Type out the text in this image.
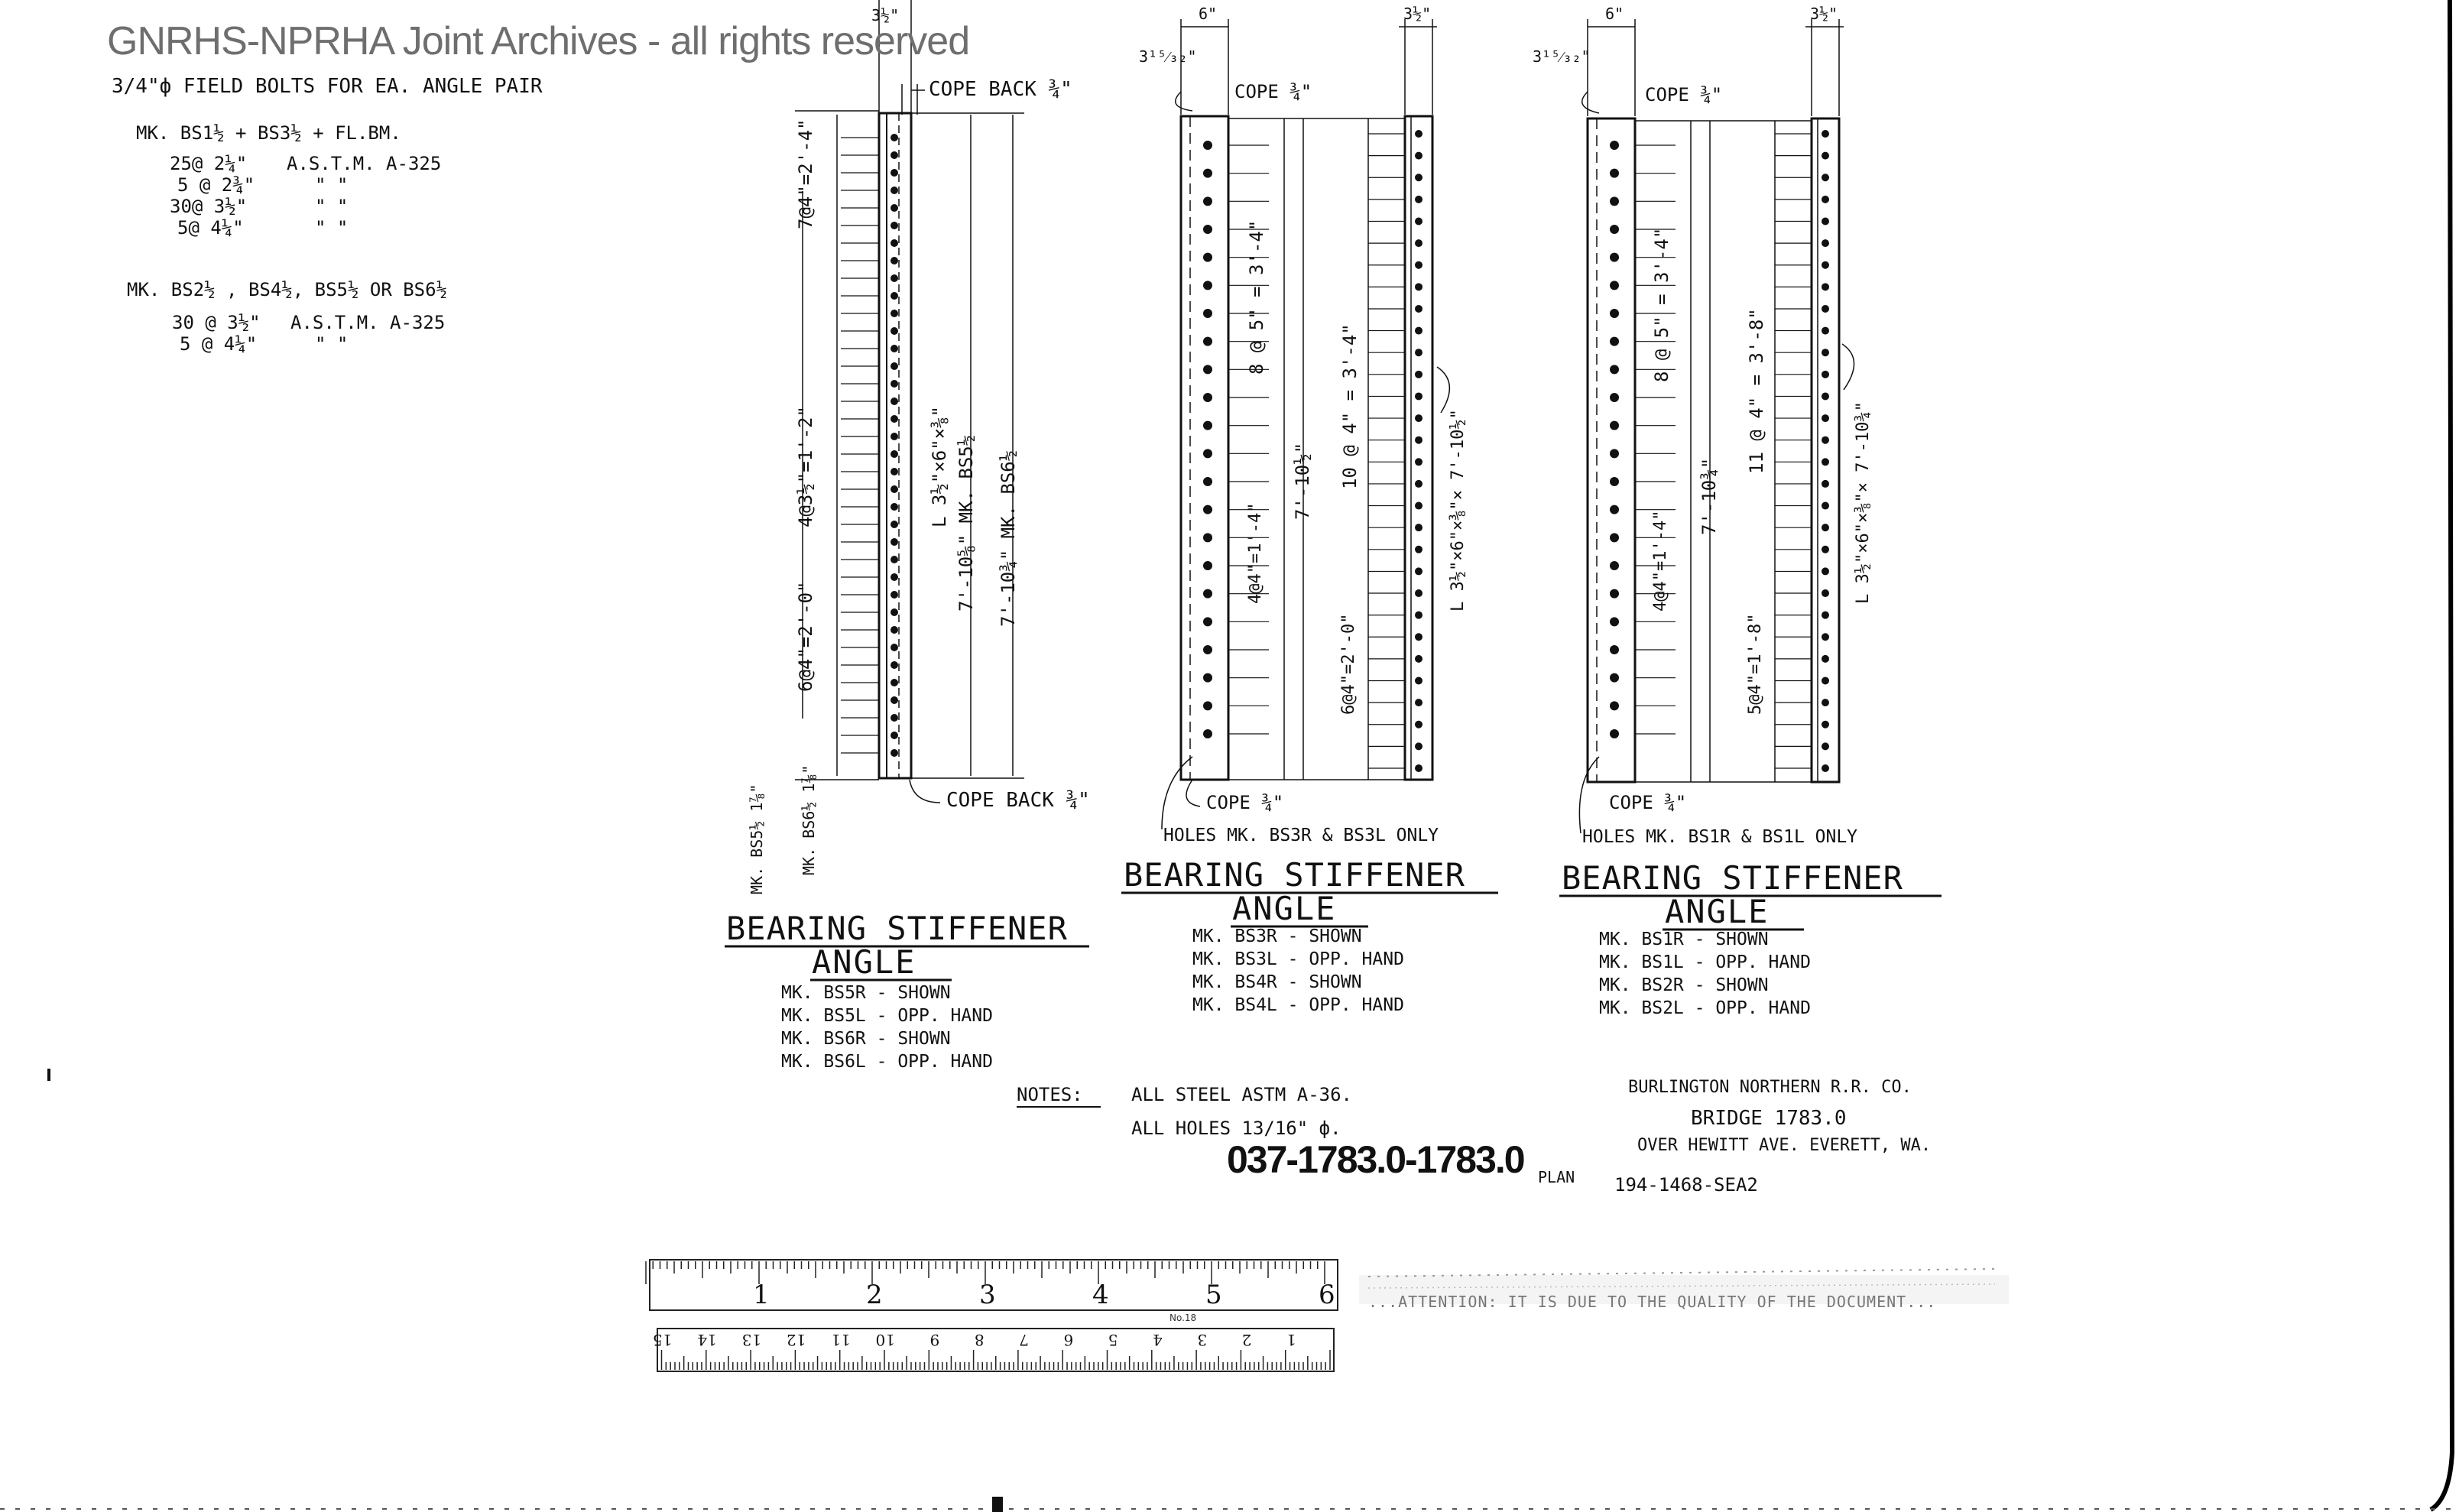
1	2	3	4	5	6
1
2
3
4
5
6
7
8
9
10
11
12
13
14
15
No.18
...ATTENTION: IT IS DUE TO THE QUALITY OF THE DOCUMENT...
GNRHS-NPRHA Joint Archives - all rights reserved
3/4"ф FIELD BOLTS FOR EA. ANGLE PAIR
MK. BS1½ + BS3½ + FL.BM.
25@ 2¼" A.S.T.M. A-325
5 @ 2¾"	" "
30@ 3½"	" "
5@ 4¼"	" "
MK. BS2½ , BS4½, BS5½ OR BS6½
30 @ 3½" A.S.T.M. A-325
5 @ 4¼"	" "
3½"
COPE BACK ¾"
COPE BACK ¾"
7@4"=2'-4"
4@3½"=1'-2"
6@4"=2'-0"
L 3½"×6"×⅜" 7'-10⅝" MK. BS5½ 7'-10¾" MK. BS6½
MK. BS5½ 1⅞" MK. BS6½ 1⅞"
BEARING STIFFENER
ANGLE
MK. BS5R - SHOWN
MK. BS5L - OPP. HAND
MK. BS6R - SHOWN
MK. BS6L - OPP. HAND
6"	3½"
3¹⁵⁄₃₂"
COPE ¾"
COPE ¾"
HOLES MK. BS3R & BS3L ONLY
8 @ 5" = 3'-4"
4@4"=1'-4"
7'-10½" 10 @ 4" = 3'-4"
6@4"=2'-0"
L 3½"×6"×⅜"× 7'-10½"
BEARING STIFFENER
ANGLE
MK. BS3R - SHOWN
MK. BS3L - OPP. HAND
MK. BS4R - SHOWN
MK. BS4L - OPP. HAND
6"	3½"
3¹⁵⁄₃₂"
COPE ¾"
COPE ¾"
HOLES MK. BS1R & BS1L ONLY
8 @ 5" = 3'-4"
4@4"=1'-4"
7'-10¾"
11 @ 4" = 3'-8"
5@4"=1'-8"
L 3½"×6"×⅜"× 7'-10¾"
BEARING STIFFENER
ANGLE
MK. BS1R - SHOWN
MK. BS1L - OPP. HAND
MK. BS2R - SHOWN
MK. BS2L - OPP. HAND
NOTES:	ALL STEEL ASTM A-36.
ALL HOLES 13/16" ф.
BURLINGTON NORTHERN R.R. CO.
BRIDGE 1783.0
OVER HEWITT AVE. EVERETT, WA.
037-1783.0-1783.0 PLAN 194-1468-SEA2
